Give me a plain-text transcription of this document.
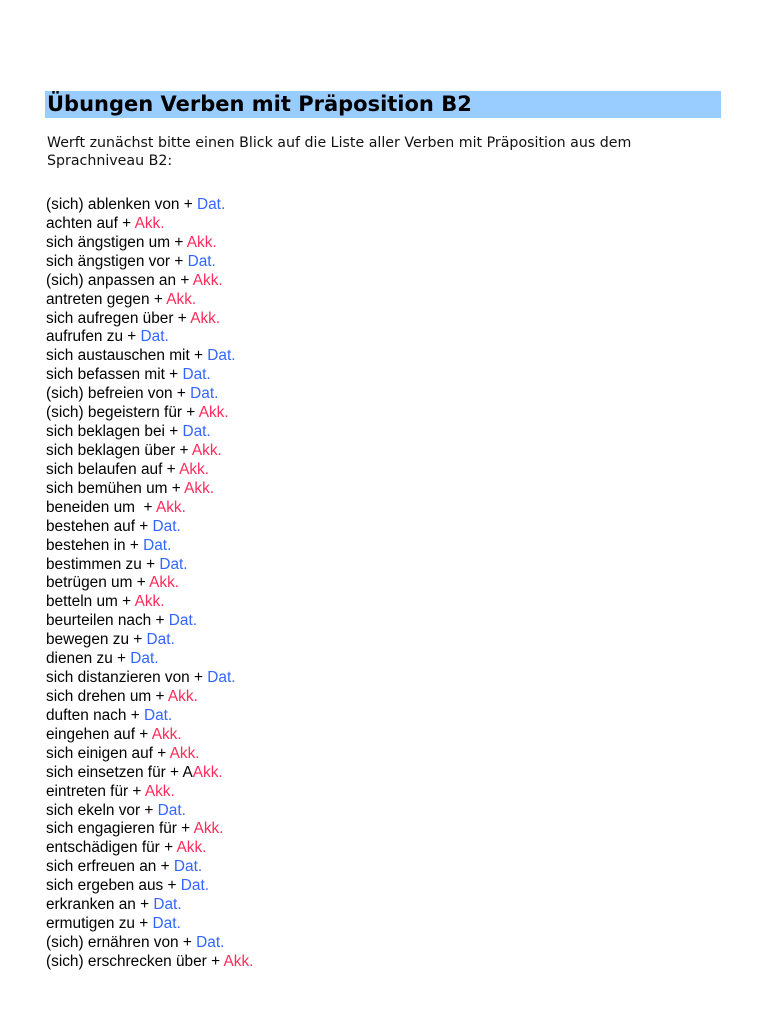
Übungen Verben mit Präposition B2
Werft zunächst bitte einen Blick auf die Liste aller Verben mit Präposition aus dem Sprachniveau B2:
(sich) ablenken von + Dat.
achten auf + Akk.
sich ängstigen um + Akk.
sich ängstigen vor + Dat.
(sich) anpassen an + Akk.
antreten gegen + Akk.
sich aufregen über + Akk.
aufrufen zu + Dat.
sich austauschen mit + Dat.
sich befassen mit + Dat.
(sich) befreien von + Dat.
(sich) begeistern für + Akk.
sich beklagen bei + Dat.
sich beklagen über + Akk.
sich belaufen auf + Akk.
sich bemühen um + Akk.
beneiden um  + Akk.
bestehen auf + Dat.
bestehen in + Dat.
bestimmen zu + Dat.
betrügen um + Akk.
betteln um + Akk.
beurteilen nach + Dat.
bewegen zu + Dat.
dienen zu + Dat.
sich distanzieren von + Dat.
sich drehen um + Akk.
duften nach + Dat.
eingehen auf + Akk.
sich einigen auf + Akk.
sich einsetzen für + AAkk.
eintreten für + Akk.
sich ekeln vor + Dat.
sich engagieren für + Akk.
entschädigen für + Akk.
sich erfreuen an + Dat.
sich ergeben aus + Dat.
erkranken an + Dat.
ermutigen zu + Dat.
(sich) ernähren von + Dat.
(sich) erschrecken über + Akk.
